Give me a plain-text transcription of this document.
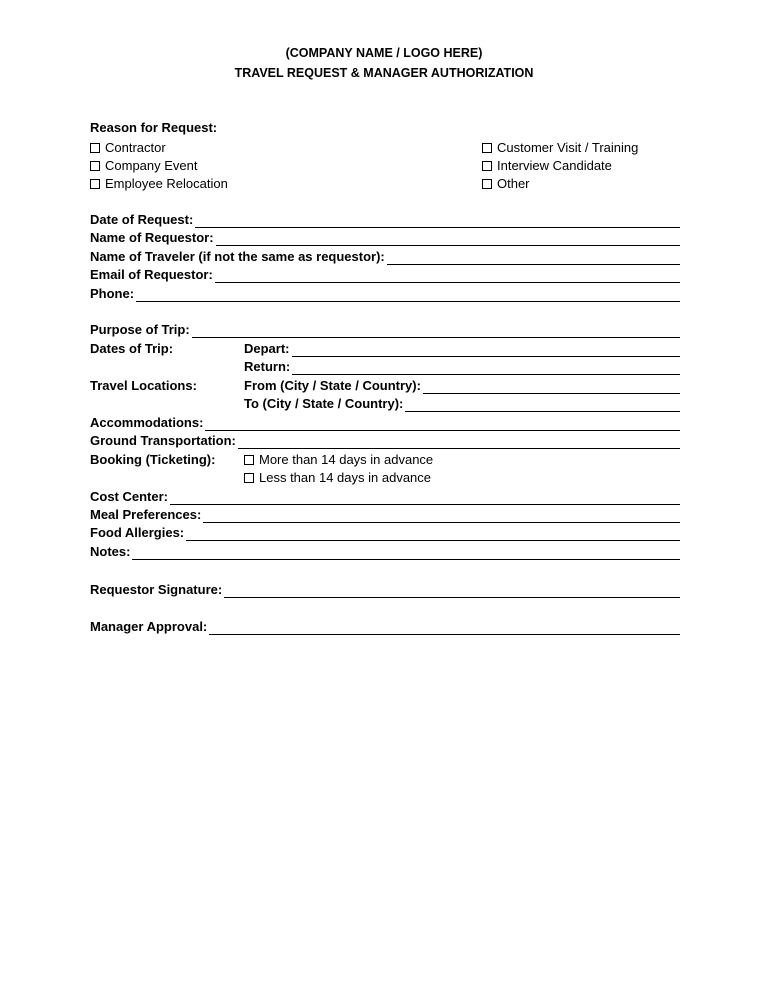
(COMPANY NAME / LOGO HERE)
TRAVEL REQUEST & MANAGER AUTHORIZATION
Reason for Request:
Contractor	Customer Visit / Training
Company Event	Interview Candidate
Employee Relocation	Other
Date of Request:
Name of Requestor:
Name of Traveler (if not the same as requestor):
Email of Requestor:
Phone:
Purpose of Trip:
Dates of Trip:	Depart:
Return:
Travel Locations:	From (City / State / Country):
To (City / State / Country):
Accommodations:
Ground Transportation:
Booking (Ticketing):	More than 14 days in advance
Less than 14 days in advance
Cost Center:
Meal Preferences:
Food Allergies:
Notes:
Requestor Signature:
Manager Approval:
